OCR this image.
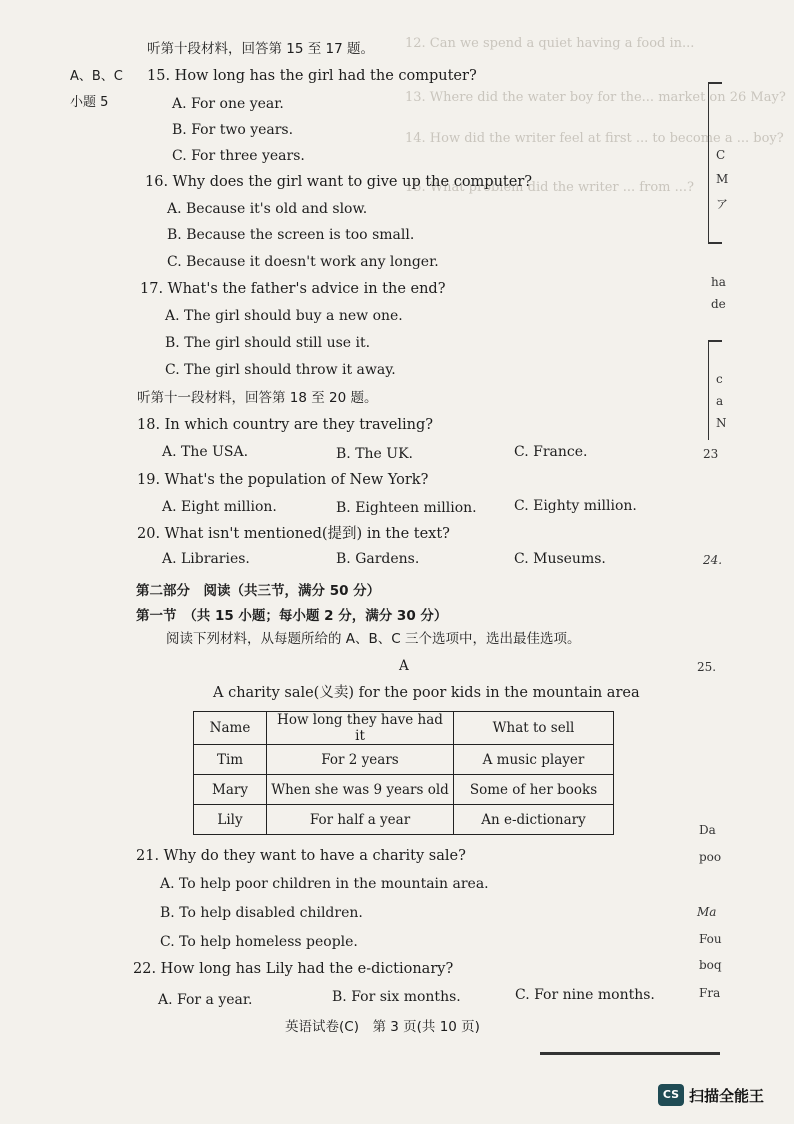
12. Can we spend a quiet having a food in...
13. Where did the water boy for the... market on 26 May?
14. How did the writer feel at first ... to become a ... boy?
15. What problem did the writer ... from ...?
A、B、C
小题 5
C
M
ア
ha
de
c
a
N
23
24.
25.
Da
poo
Ma
Fou
boq
Fra
听第十段材料，回答第 15 至 17 题。
15. How long has the girl had the computer?
A. For one year.
B. For two years.
C. For three years.
16. Why does the girl want to give up the computer?
A. Because it's old and slow.
B. Because the screen is too small.
C. Because it doesn't work any longer.
17. What's the father's advice in the end?
A. The girl should buy a new one.
B. The girl should still use it.
C. The girl should throw it away.
听第十一段材料，回答第 18 至 20 题。
18. In which country are they traveling?
A. The USA.	B. The UK.	C. France.
19. What's the population of New York?
A. Eight million.	B. Eighteen million.	C. Eighty million.
20. What isn't mentioned(提到) in the text?
A. Libraries.	B. Gardens.	C. Museums.
第二部分　阅读（共三节，满分 50 分）
第一节　（共 15 小题；每小题 2 分，满分 30 分）
阅读下列材料，从每题所给的 A、B、C 三个选项中，选出最佳选项。
A
A charity sale(义卖) for the poor kids in the mountain area
Name	How long they have had it	What to sell
Tim	For 2 years	A music player
Mary	When she was 9 years old	Some of her books
Lily	For half a year	An e-dictionary
21. Why do they want to have a charity sale?
A. To help poor children in the mountain area.
B. To help disabled children.
C. To help homeless people.
22. How long has Lily had the e-dictionary?
A. For a year.	B. For six months.	C. For nine months.
英语试卷(C)　第 3 页(共 10 页)
CS 扫描全能王
